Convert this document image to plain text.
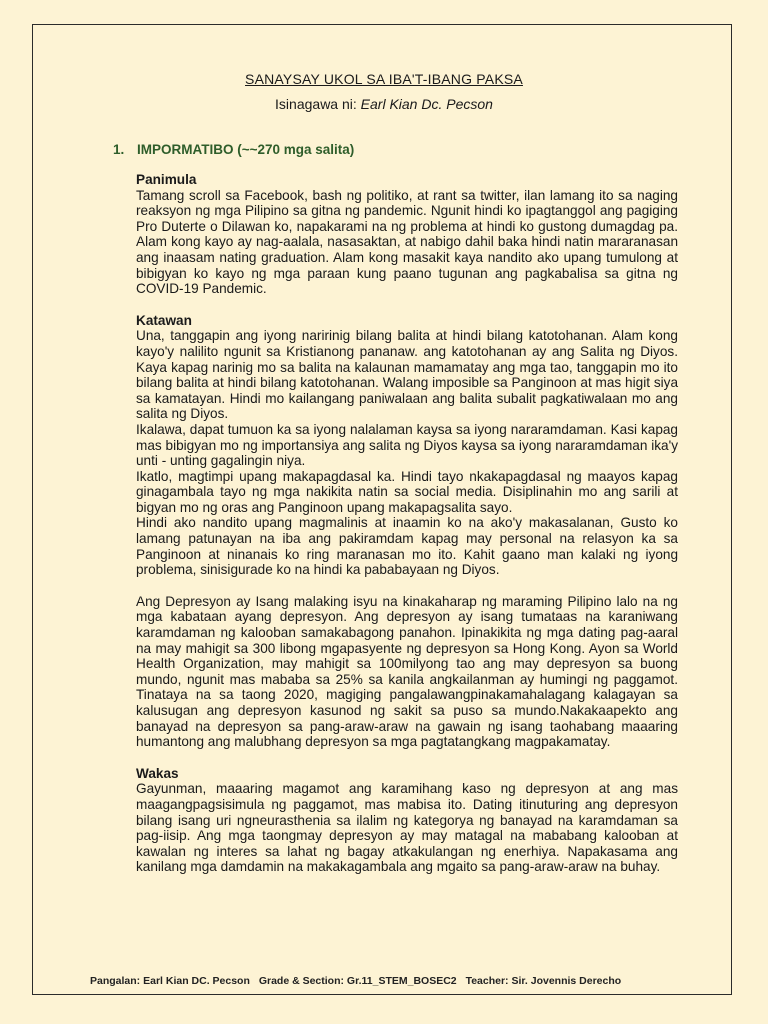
SANAYSAY UKOL SA IBA'T-IBANG PAKSA
Isinagawa ni: Earl Kian Dc. Pecson
1. IMPORMATIBO (~~270 mga salita)
Panimula

Tamang scroll sa Facebook, bash ng politiko, at rant sa twitter, ilan lamang ito sa naging reaksyon ng mga Pilipino sa gitna ng pandemic. Ngunit hindi ko ipagtanggol ang pagiging Pro Duterte o Dilawan ko, napakarami na ng problema at hindi ko gustong dumagdag pa. Alam kong kayo ay nag-aalala, nasasaktan, at nabigo dahil baka hindi natin mararanasan ang inaasam nating graduation. Alam kong masakit kaya nandito ako upang tumulong at bibigyan ko kayo ng mga paraan kung paano tugunan ang pagkabalisa sa gitna ng COVID-19 Pandemic.

Katawan

Una, tanggapin ang iyong naririnig bilang balita at hindi bilang katotohanan. Alam kong kayo'y nalilito ngunit sa Kristianong pananaw. ang katotohanan ay ang Salita ng Diyos. Kaya kapag narinig mo sa balita na kalaunan mamamatay ang mga tao, tanggapin mo ito bilang balita at hindi bilang katotohanan. Walang imposible sa Panginoon at mas higit siya sa kamatayan. Hindi mo kailangang paniwalaan ang balita subalit pagkatiwalaan mo ang salita ng Diyos.

Ikalawa, dapat tumuon ka sa iyong nalalaman kaysa sa iyong nararamdaman. Kasi kapag mas bibigyan mo ng importansiya ang salita ng Diyos kaysa sa iyong nararamdaman ika'y unti - unting gagalingin niya.

Ikatlo, magtimpi upang makapagdasal ka. Hindi tayo nkakapagdasal ng maayos kapag ginagambala tayo ng mga nakikita natin sa social media. Disiplinahin mo ang sarili at bigyan mo ng oras ang Panginoon upang makapagsalita sayo.

Hindi ako nandito upang magmalinis at inaamin ko na ako'y makasalanan, Gusto ko lamang patunayan na iba ang pakiramdam kapag may personal na relasyon ka sa Panginoon at ninanais ko ring maranasan mo ito. Kahit gaano man kalaki ng iyong problema, sinisigurade ko na hindi ka pababayaan ng Diyos.

Ang Depresyon ay Isang malaking isyu na kinakaharap ng maraming Pilipino lalo na ng mga kabataan ayang depresyon. Ang depresyon ay isang tumataas na karaniwang karamdaman ng kalooban samakabagong panahon. Ipinakikita ng mga dating pag-aaral na may mahigit sa 300 libong mgapasyente ng depresyon sa Hong Kong. Ayon sa World Health Organization, may mahigit sa 100milyong tao ang may depresyon sa buong mundo, ngunit mas mababa sa 25% sa kanila angkailanman ay humingi ng paggamot. Tinataya na sa taong 2020, magiging pangalawangpinakamahalagang kalagayan sa kalusugan ang depresyon kasunod ng sakit sa puso sa mundo.Nakakaapekto ang banayad na depresyon sa pang-araw-araw na gawain ng isang taohabang maaaring humantong ang malubhang depresyon sa mga pagtatangkang magpakamatay.

Wakas

Gayunman, maaaring magamot ang karamihang kaso ng depresyon at ang mas maagangpagsisimula ng paggamot, mas mabisa ito. Dating itinuturing ang depresyon bilang isang uri ngneurasthenia sa ilalim ng kategorya ng banayad na karamdaman sa pag-iisip. Ang mga taongmay depresyon ay may matagal na mababang kalooban at kawalan ng interes sa lahat ng bagay atkakulangan ng enerhiya. Napakasama ang kanilang mga damdamin na makakagambala ang mgaito sa pang-araw-araw na buhay.

Pangalan: Earl Kian DC. Pecson Grade & Section: Gr.11_STEM_BOSEC2 Teacher: Sir. Jovennis Derecho
